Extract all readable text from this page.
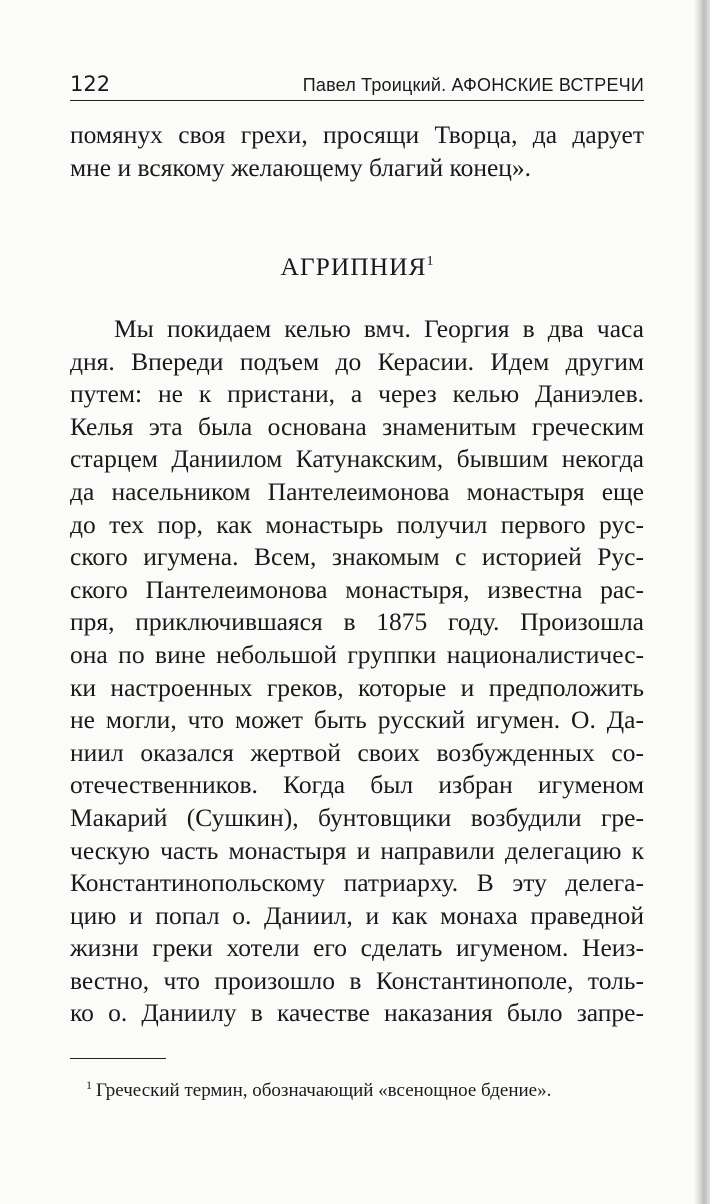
122	Павел Троицкий. АФОНСКИЕ ВСТРЕЧИ
помянух своя грехи, просящи Творца, да дарует
мне и всякому желающему благий конец».
АГРИПНИЯ$^1$
Мы покидаем келью вмч. Георгия в два часа
дня. Впереди подъем до Керасии. Идем другим
путем: не к пристани, а через келью Даниэлев.
Келья эта была основана знаменитым греческим
старцем Даниилом Катунакским, бывшим некогда
да насельником Пантелеимонова монастыря еще
до тех пор, как монастырь получил первого рус-
ского игумена. Всем, знакомым с историей Рус-
ского Пантелеимонова монастыря, известна рас-
пря, приключившаяся в 1875 году. Произошла
она по вине небольшой группки националистичес-
ки настроенных греков, которые и предположить
не могли, что может быть русский игумен. О. Да-
ниил оказался жертвой своих возбужденных со-
отечественников. Когда был избран игуменом
Макарий (Сушкин), бунтовщики возбудили гре-
ческую часть монастыря и направили делегацию к
Константинопольскому патриарху. В эту делега-
цию и попал о. Даниил, и как монаха праведной
жизни греки хотели его сделать игуменом. Неиз-
вестно, что произошло в Константинополе, толь-
ко о. Даниилу в качестве наказания было запре-
$^1$ Греческий термин, обозначающий «всенощное бдение».
